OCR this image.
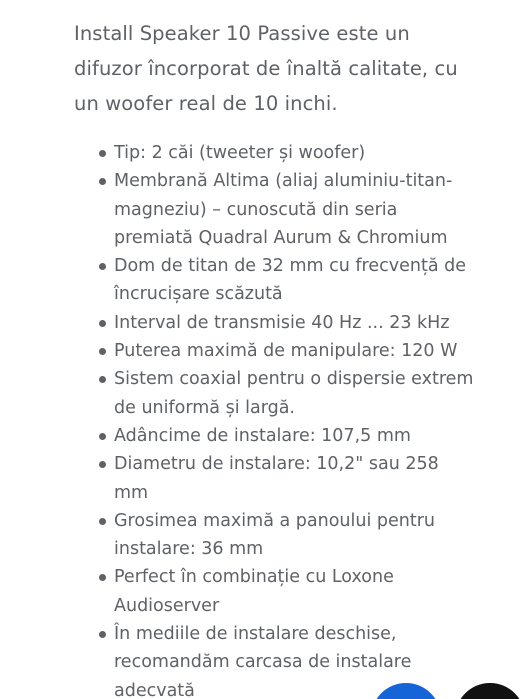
Install Speaker 10 Passive este un difuzor încorporat de înaltă calitate, cu un woofer real de 10 inchi.

Tip: 2 căi (tweeter și woofer)
Membrană Altima (aliaj aluminiu-titan-magneziu) – cunoscută din seria premiată Quadral Aurum & Chromium
Dom de titan de 32 mm cu frecvență de încrucișare scăzută
Interval de transmisie 40 Hz ... 23 kHz
Puterea maximă de manipulare: 120 W
Sistem coaxial pentru o dispersie extrem de uniformă și largă.
Adâncime de instalare: 107,5 mm
Diametru de instalare: 10,2" sau 258 mm
Grosimea maximă a panoului pentru instalare: 36 mm
Perfect în combinație cu Loxone Audioserver
În mediile de instalare deschise, recomandăm carcasa de instalare adecvată
